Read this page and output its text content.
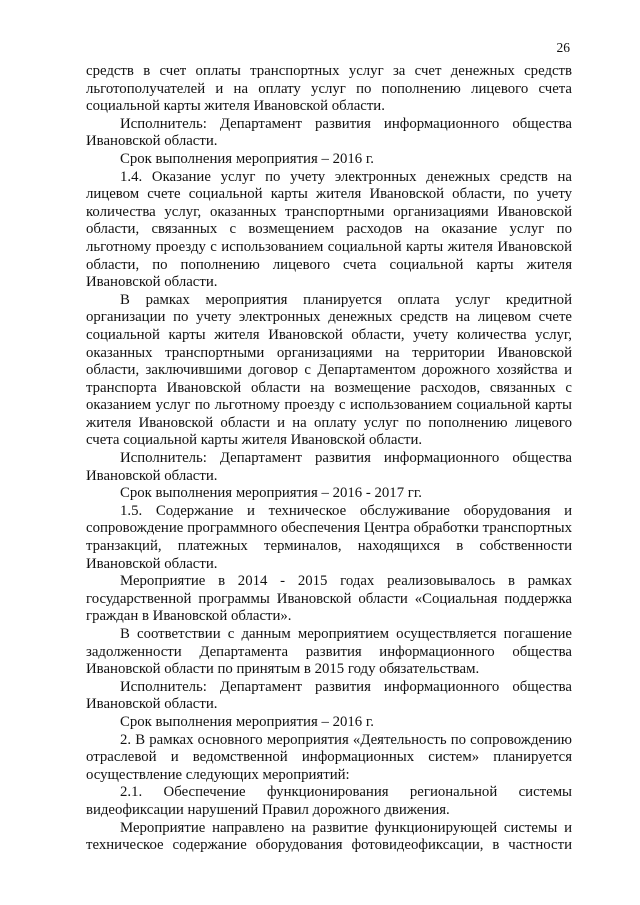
26

средств в счет оплаты транспортных услуг за счет денежных средств льготополучателей и на оплату услуг по пополнению лицевого счета социальной карты жителя Ивановской области.

Исполнитель: Департамент развития информационного общества Ивановской области.

Срок выполнения мероприятия – 2016 г.

1.4. Оказание услуг по учету электронных денежных средств на лицевом счете социальной карты жителя Ивановской области, по учету количества услуг, оказанных транспортными организациями Ивановской области, связанных с возмещением расходов на оказание услуг по льготному проезду с использованием социальной карты жителя Ивановской области, по пополнению лицевого счета социальной карты жителя Ивановской области.

В рамках мероприятия планируется оплата услуг кредитной организации по учету электронных денежных средств на лицевом счете социальной карты жителя Ивановской области, учету количества услуг, оказанных транспортными организациями на территории Ивановской области, заключившими договор с Департаментом дорожного хозяйства и транспорта Ивановской области на возмещение расходов, связанных с оказанием услуг по льготному проезду с использованием социальной карты жителя Ивановской области и на оплату услуг по пополнению лицевого счета социальной карты жителя Ивановской области.

Исполнитель: Департамент развития информационного общества Ивановской области.

Срок выполнения мероприятия – 2016 - 2017 гг.

1.5. Содержание и техническое обслуживание оборудования и сопровождение программного обеспечения Центра обработки транспортных транзакций, платежных терминалов, находящихся в собственности Ивановской области.

Мероприятие в 2014 - 2015 годах реализовывалось в рамках государственной программы Ивановской области «Социальная поддержка граждан в Ивановской области».

В соответствии с данным мероприятием осуществляется погашение задолженности Департамента развития информационного общества Ивановской области по принятым в 2015 году обязательствам.

Исполнитель: Департамент развития информационного общества Ивановской области.

Срок выполнения мероприятия – 2016 г.

2. В рамках основного мероприятия «Деятельность по сопровождению отраслевой и ведомственной информационных систем» планируется осуществление следующих мероприятий:

2.1. Обеспечение функционирования региональной системы видеофиксации нарушений Правил дорожного движения.

Мероприятие направлено на развитие функционирующей системы и техническое содержание оборудования фотовидеофиксации, в частности
